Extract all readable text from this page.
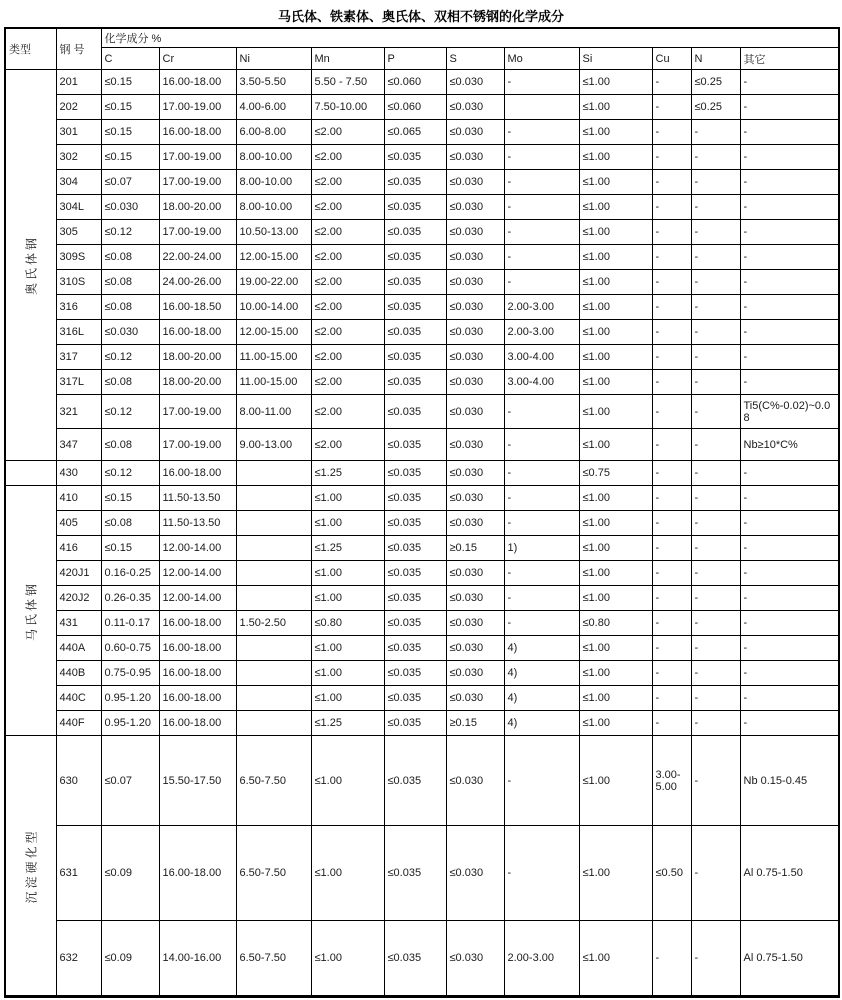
马氏体、铁素体、奥氏体、双相不锈钢的化学成分
类型	钢 号	化学成分 %										
		C	Cr	Ni	Mn	P	S	Mo	Si	Cu	N	其它

奥氏体钢	201	≤0.15	16.00-18.00	3.50-5.50	5.50 - 7.50	≤0.060	≤0.030	-	≤1.00	-	≤0.25	-
	202	≤0.15	17.00-19.00	4.00-6.00	7.50-10.00	≤0.060	≤0.030		≤1.00	-	≤0.25	-
	301	≤0.15	16.00-18.00	6.00-8.00	≤2.00	≤0.065	≤0.030	-	≤1.00	-	-	-
	302	≤0.15	17.00-19.00	8.00-10.00	≤2.00	≤0.035	≤0.030	-	≤1.00	-	-	-
	304	≤0.07	17.00-19.00	8.00-10.00	≤2.00	≤0.035	≤0.030	-	≤1.00	-	-	-
	304L	≤0.030	18.00-20.00	8.00-10.00	≤2.00	≤0.035	≤0.030	-	≤1.00	-	-	-
	305	≤0.12	17.00-19.00	10.50-13.00	≤2.00	≤0.035	≤0.030	-	≤1.00	-	-	-
	309S	≤0.08	22.00-24.00	12.00-15.00	≤2.00	≤0.035	≤0.030	-	≤1.00	-	-	-
	310S	≤0.08	24.00-26.00	19.00-22.00	≤2.00	≤0.035	≤0.030	-	≤1.00	-	-	-
	316	≤0.08	16.00-18.50	10.00-14.00	≤2.00	≤0.035	≤0.030	2.00-3.00	≤1.00	-	-	-
	316L	≤0.030	16.00-18.00	12.00-15.00	≤2.00	≤0.035	≤0.030	2.00-3.00	≤1.00	-	-	-
	317	≤0.12	18.00-20.00	11.00-15.00	≤2.00	≤0.035	≤0.030	3.00-4.00	≤1.00	-	-	-
	317L	≤0.08	18.00-20.00	11.00-15.00	≤2.00	≤0.035	≤0.030	3.00-4.00	≤1.00	-	-	-
	321	≤0.12	17.00-19.00	8.00-11.00	≤2.00	≤0.035	≤0.030	-	≤1.00	-	-	Ti5(C%-0.02)~0.08
	347	≤0.08	17.00-19.00	9.00-13.00	≤2.00	≤0.035	≤0.030	-	≤1.00	-	-	Nb≥10*C%

	430	≤0.12	16.00-18.00		≤1.25	≤0.035	≤0.030	-	≤0.75	-	-	-

马氏体钢	410	≤0.15	11.50-13.50		≤1.00	≤0.035	≤0.030	-	≤1.00	-	-	-
	405	≤0.08	11.50-13.50		≤1.00	≤0.035	≤0.030	-	≤1.00	-	-	-
	416	≤0.15	12.00-14.00		≤1.25	≤0.035	≥0.15	1)	≤1.00	-	-	-
	420J1	0.16-0.25	12.00-14.00		≤1.00	≤0.035	≤0.030	-	≤1.00	-	-	-
	420J2	0.26-0.35	12.00-14.00		≤1.00	≤0.035	≤0.030	-	≤1.00	-	-	-
	431	0.11-0.17	16.00-18.00	1.50-2.50	≤0.80	≤0.035	≤0.030	-	≤0.80	-	-	-
	440A	0.60-0.75	16.00-18.00		≤1.00	≤0.035	≤0.030	4)	≤1.00	-	-	-
	440B	0.75-0.95	16.00-18.00		≤1.00	≤0.035	≤0.030	4)	≤1.00	-	-	-
	440C	0.95-1.20	16.00-18.00		≤1.00	≤0.035	≤0.030	4)	≤1.00	-	-	-
	440F	0.95-1.20	16.00-18.00		≤1.25	≤0.035	≥0.15	4)	≤1.00	-	-	-

沉淀硬化型	630	≤0.07	15.50-17.50	6.50-7.50	≤1.00	≤0.035	≤0.030	-	≤1.00	3.00-5.00	-	Nb 0.15-0.45
	631	≤0.09	16.00-18.00	6.50-7.50	≤1.00	≤0.035	≤0.030	-	≤1.00	≤0.50	-	Al 0.75-1.50
	632	≤0.09	14.00-16.00	6.50-7.50	≤1.00	≤0.035	≤0.030	2.00-3.00	≤1.00	-	-	Al 0.75-1.50
